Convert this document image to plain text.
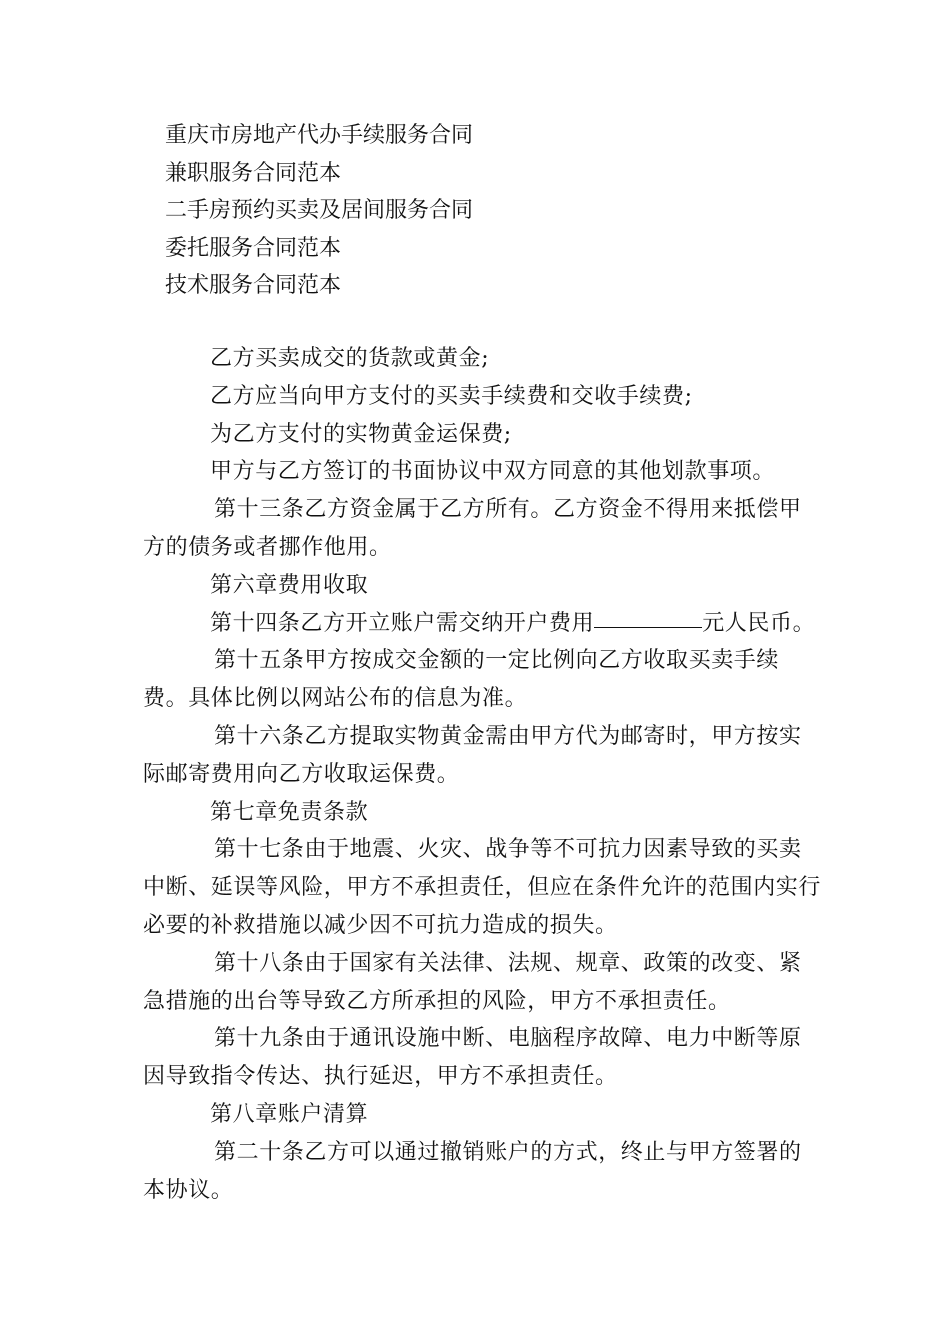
重庆市房地产代办手续服务合同
兼职服务合同范本
二手房预约买卖及居间服务合同
委托服务合同范本
技术服务合同范本

乙方买卖成交的货款或黄金;

乙方应当向甲方支付的买卖手续费和交收手续费;

为乙方支付的实物黄金运保费;

甲方与乙方签订的书面协议中双方同意的其他划款事项。

第十三条乙方资金属于乙方所有。乙方资金不得用来抵偿甲方的债务或者挪作他用。

第六章费用收取

第十四条乙方开立账户需交纳开户费用	元人民币。

第十五条甲方按成交金额的一定比例向乙方收取买卖手续费。具体比例以网站公布的信息为准。

第十六条乙方提取实物黄金需由甲方代为邮寄时，甲方按实际邮寄费用向乙方收取运保费。

第七章免责条款

第十七条由于地震、火灾、战争等不可抗力因素导致的买卖中断、延误等风险，甲方不承担责任，但应在条件允许的范围内实行必要的补救措施以减少因不可抗力造成的损失。

第十八条由于国家有关法律、法规、规章、政策的改变、紧急措施的出台等导致乙方所承担的风险，甲方不承担责任。

第十九条由于通讯设施中断、电脑程序故障、电力中断等原因导致指令传达、执行延迟，甲方不承担责任。

第八章账户清算

第二十条乙方可以通过撤销账户的方式，终止与甲方签署的本协议。
